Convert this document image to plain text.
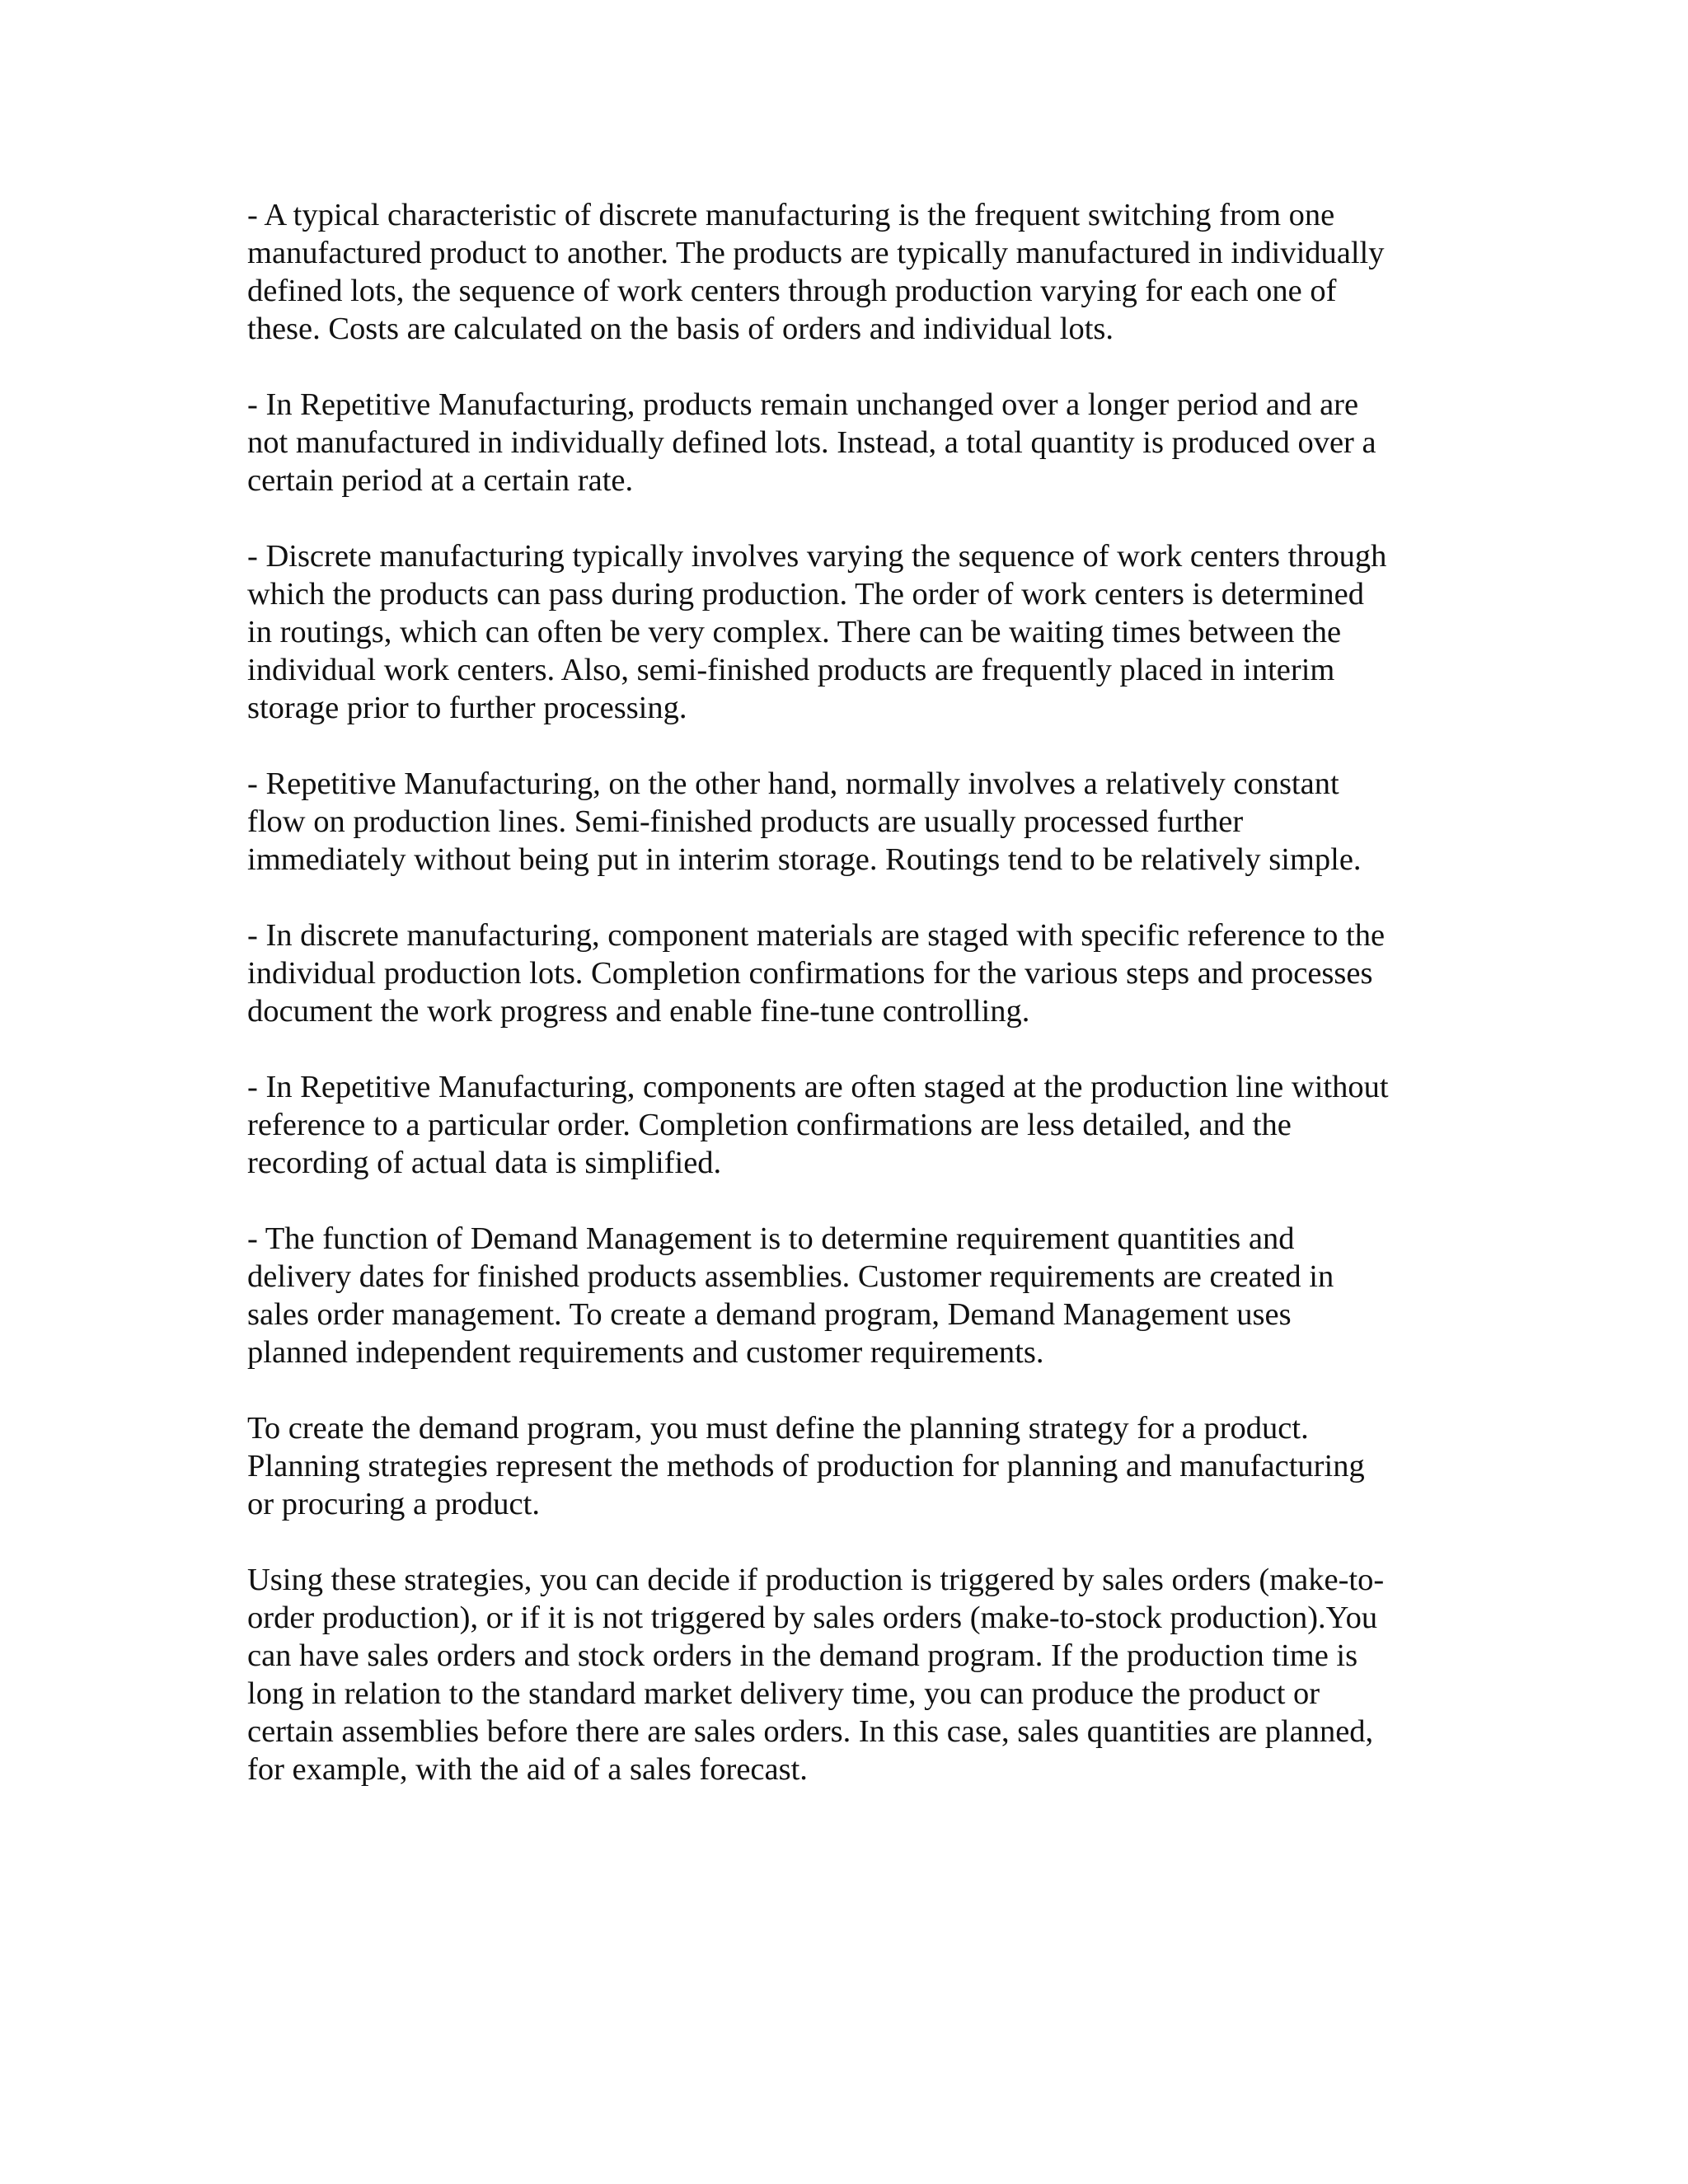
- A typical characteristic of discrete manufacturing is the frequent switching from one
manufactured product to another. The products are typically manufactured in individually
defined lots, the sequence of work centers through production varying for each one of
these. Costs are calculated on the basis of orders and individual lots.

- In Repetitive Manufacturing, products remain unchanged over a longer period and are
not manufactured in individually defined lots. Instead, a total quantity is produced over a
certain period at a certain rate.

- Discrete manufacturing typically involves varying the sequence of work centers through
which the products can pass during production. The order of work centers is determined
in routings, which can often be very complex. There can be waiting times between the
individual work centers. Also, semi-finished products are frequently placed in interim
storage prior to further processing.

- Repetitive Manufacturing, on the other hand, normally involves a relatively constant
flow on production lines. Semi-finished products are usually processed further
immediately without being put in interim storage. Routings tend to be relatively simple.

- In discrete manufacturing, component materials are staged with specific reference to the
individual production lots. Completion confirmations for the various steps and processes
document the work progress and enable fine-tune controlling.

- In Repetitive Manufacturing, components are often staged at the production line without
reference to a particular order. Completion confirmations are less detailed, and the
recording of actual data is simplified.

- The function of Demand Management is to determine requirement quantities and
delivery dates for finished products assemblies. Customer requirements are created in
sales order management. To create a demand program, Demand Management uses
planned independent requirements and customer requirements.

To create the demand program, you must define the planning strategy for a product.
Planning strategies represent the methods of production for planning and manufacturing
or procuring a product.

Using these strategies, you can decide if production is triggered by sales orders (make-to-
order production), or if it is not triggered by sales orders (make-to-stock production).You
can have sales orders and stock orders in the demand program. If the production time is
long in relation to the standard market delivery time, you can produce the product or
certain assemblies before there are sales orders. In this case, sales quantities are planned,
for example, with the aid of a sales forecast.
